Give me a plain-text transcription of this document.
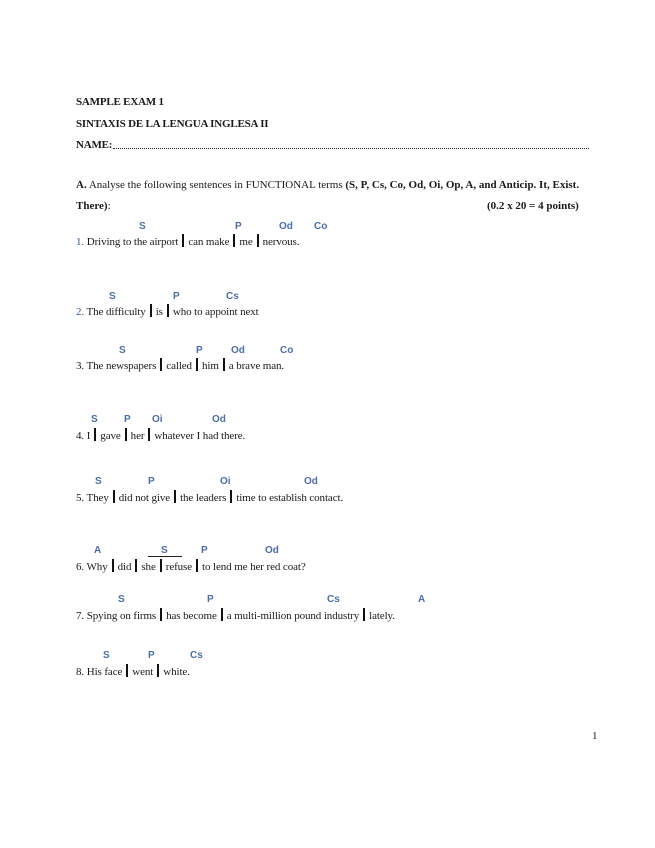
SAMPLE EXAM 1
SINTAXIS DE LA LENGUA INGLESA II
NAME:
A. Analyse the following sentences in FUNCTIONAL terms (S, P, Cs, Co, Od, Oi, Op, A, and Anticip. It, Exist.
There):	(0.2 x 20 = 4 points)
S	P	Od Co
1. Driving to the airport can make me nervous.
S	P	Cs
2. The difficulty is who to appoint next
S	P	Od	Co
3. The newspapers called him a brave man.
S	P Oi	Od
4. I gave her whatever I had there.
S	P	Oi	Od
5. They did not give the leaders time to establish contact.
A	S	P	Od
6. Why did she refuse to lend me her red coat?
S	P	Cs	A
7. Spying on firms has become a multi-million pound industry lately.
S	P	Cs
8. His face went white.
1
